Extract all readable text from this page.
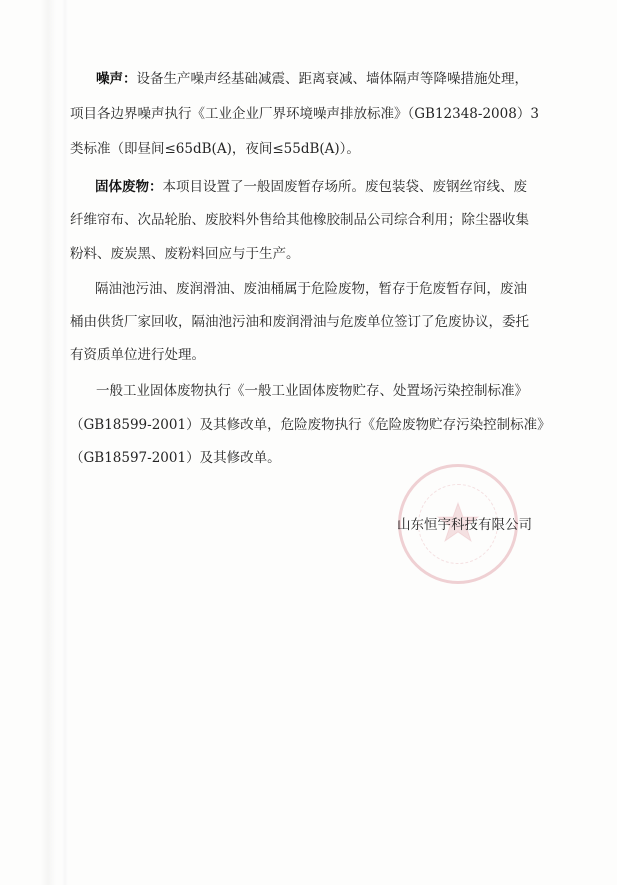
噪声：设备生产噪声经基础减震、距离衰减、墙体隔声等降噪措施处理，
项目各边界噪声执行《工业企业厂界环境噪声排放标准》（GB12348-2008）3
类标准（即昼间≤65dB(A)，夜间≤55dB(A)）。
固体废物：本项目设置了一般固废暂存场所。废包装袋、废钢丝帘线、废
纤维帘布、次品轮胎、废胶料外售给其他橡胶制品公司综合利用；除尘器收集
粉料、废炭黑、废粉料回应与于生产。
隔油池污油、废润滑油、废油桶属于危险废物，暂存于危废暂存间，废油
桶由供货厂家回收，隔油池污油和废润滑油与危废单位签订了危废协议，委托
有资质单位进行处理。
一般工业固体废物执行《一般工业固体废物贮存、处置场污染控制标准》
（GB18599-2001）及其修改单，危险废物执行《危险废物贮存污染控制标准》
（GB18597-2001）及其修改单。
山东恒宇科技有限公司
